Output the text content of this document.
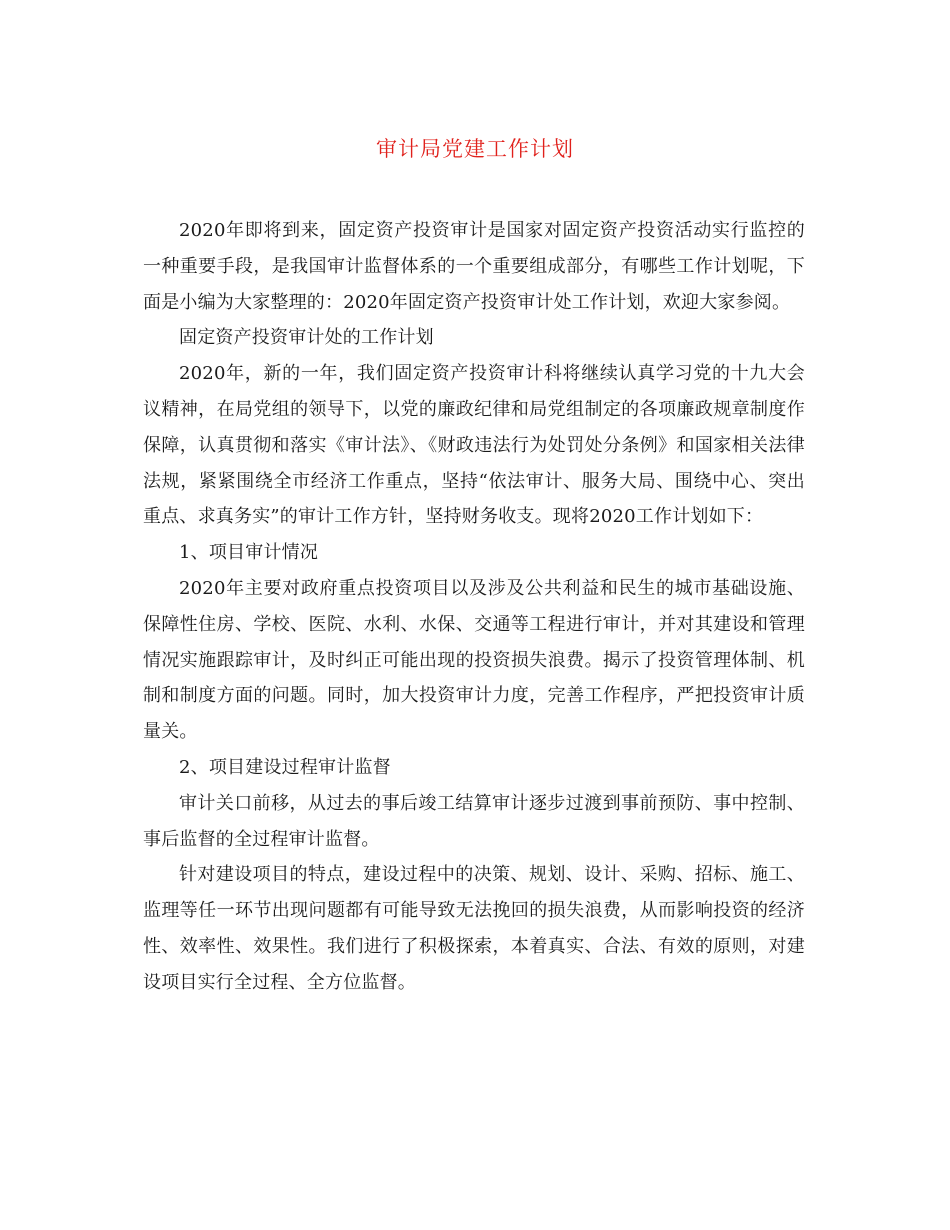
审计局党建工作计划

2020年即将到来，固定资产投资审计是国家对固定资产投资活动实行监控的一种重要手段，是我国审计监督体系的一个重要组成部分，有哪些工作计划呢，下面是小编为大家整理的：2020年固定资产投资审计处工作计划，欢迎大家参阅。

固定资产投资审计处的工作计划

2020年，新的一年，我们固定资产投资审计科将继续认真学习党的十九大会议精神，在局党组的领导下，以党的廉政纪律和局党组制定的各项廉政规章制度作保障，认真贯彻和落实《审计法》、《财政违法行为处罚处分条例》和国家相关法律法规，紧紧围绕全市经济工作重点，坚持“依法审计、服务大局、围绕中心、突出重点、求真务实”的审计工作方针，坚持财务收支。现将2020工作计划如下：

1、项目审计情况

2020年主要对政府重点投资项目以及涉及公共利益和民生的城市基础设施、保障性住房、学校、医院、水利、水保、交通等工程进行审计，并对其建设和管理情况实施跟踪审计，及时纠正可能出现的投资损失浪费。揭示了投资管理体制、机制和制度方面的问题。同时，加大投资审计力度，完善工作程序，严把投资审计质量关。

2、项目建设过程审计监督

审计关口前移，从过去的事后竣工结算审计逐步过渡到事前预防、事中控制、事后监督的全过程审计监督。

针对建设项目的特点，建设过程中的决策、规划、设计、采购、招标、施工、监理等任一环节出现问题都有可能导致无法挽回的损失浪费，从而影响投资的经济性、效率性、效果性。我们进行了积极探索，本着真实、合法、有效的原则，对建设项目实行全过程、全方位监督。
